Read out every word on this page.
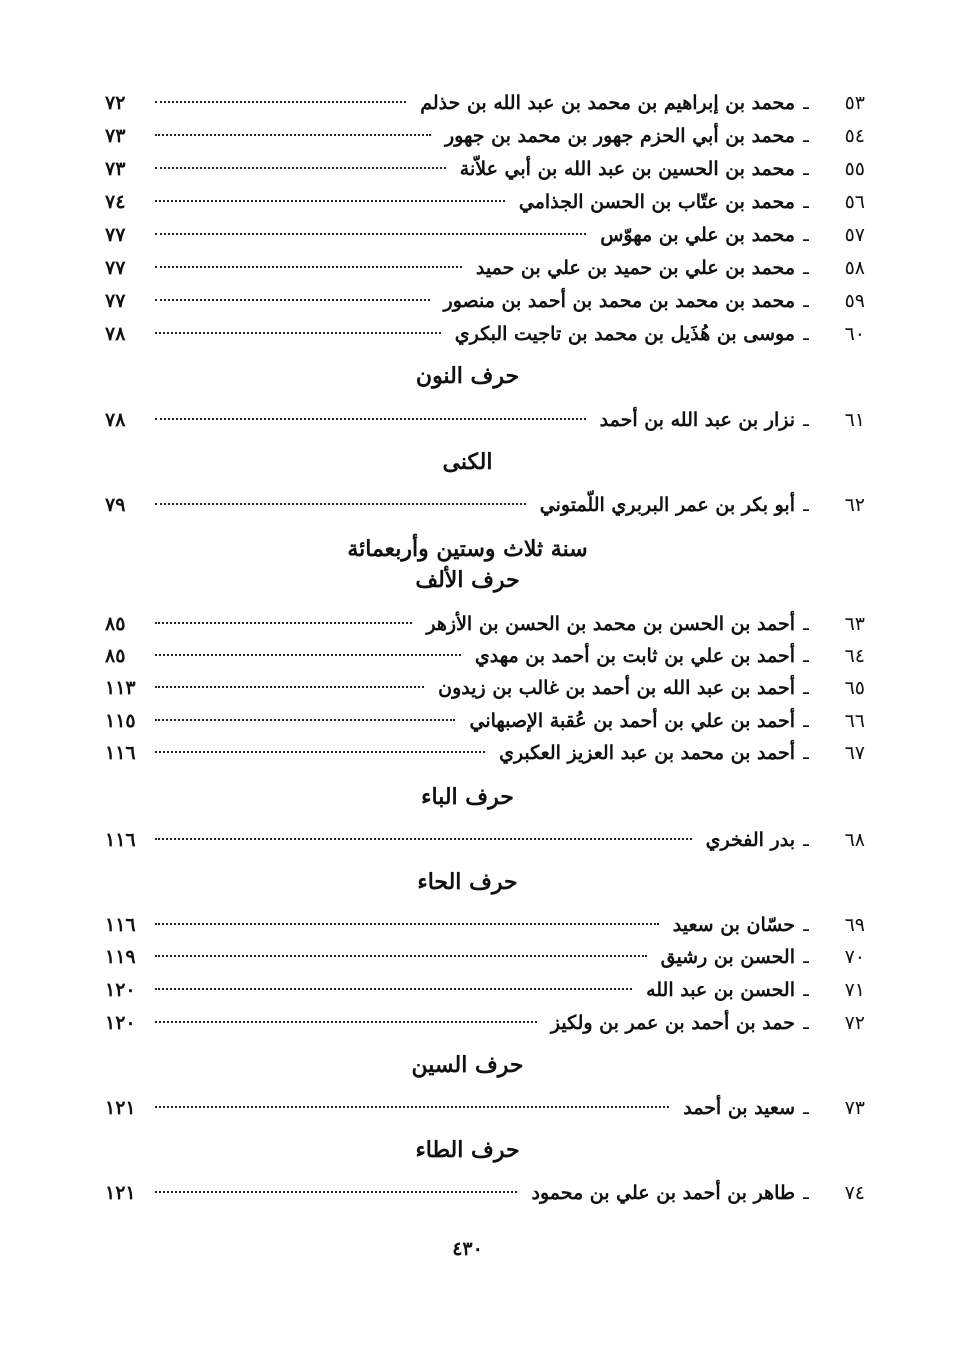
٥٣
ـ
محمد بن إبراهيم بن محمد بن عبد الله بن حذلم
٧٢
٥٤
ـ
محمد بن أبي الحزم جهور بن محمد بن جهور
٧٣
٥٥
ـ
محمد بن الحسين بن عبد الله بن أبي علاّنة
٧٣
٥٦
ـ
محمد بن عتّاب بن الحسن الجذامي
٧٤
٥٧
ـ
محمد بن علي بن مهوّس
٧٧
٥٨
ـ
محمد بن علي بن حميد بن علي بن حميد
٧٧
٥٩
ـ
محمد بن محمد بن محمد بن أحمد بن منصور
٧٧
٦٠
ـ
موسى بن هُذَيل بن محمد بن تاجيت البكري
٧٨
حرف النون
٦١
ـ
نزار بن عبد الله بن أحمد
٧٨
الكنى
٦٢
ـ
أبو بكر بن عمر البربري اللّمتوني
٧٩
سنة ثلاث وستين وأربعمائة
حرف الألف
٦٣
ـ
أحمد بن الحسن بن محمد بن الحسن بن الأزهر
٨٥
٦٤
ـ
أحمد بن علي بن ثابت بن أحمد بن مهدي
٨٥
٦٥
ـ
أحمد بن عبد الله بن أحمد بن غالب بن زيدون
١١٣
٦٦
ـ
أحمد بن علي بن أحمد بن عُقبة الإصبهاني
١١٥
٦٧
ـ
أحمد بن محمد بن عبد العزيز العكبري
١١٦
حرف الباء
٦٨
ـ
بدر الفخري
١١٦
حرف الحاء
٦٩
ـ
حسّان بن سعيد
١١٦
٧٠
ـ
الحسن بن رشيق
١١٩
٧١
ـ
الحسن بن عبد الله
١٢٠
٧٢
ـ
حمد بن أحمد بن عمر بن ولكيز
١٢٠
حرف السين
٧٣
ـ
سعيد بن أحمد
١٢١
حرف الطاء
٧٤
ـ
طاهر بن أحمد بن علي بن محمود
١٢١
٤٣٠
